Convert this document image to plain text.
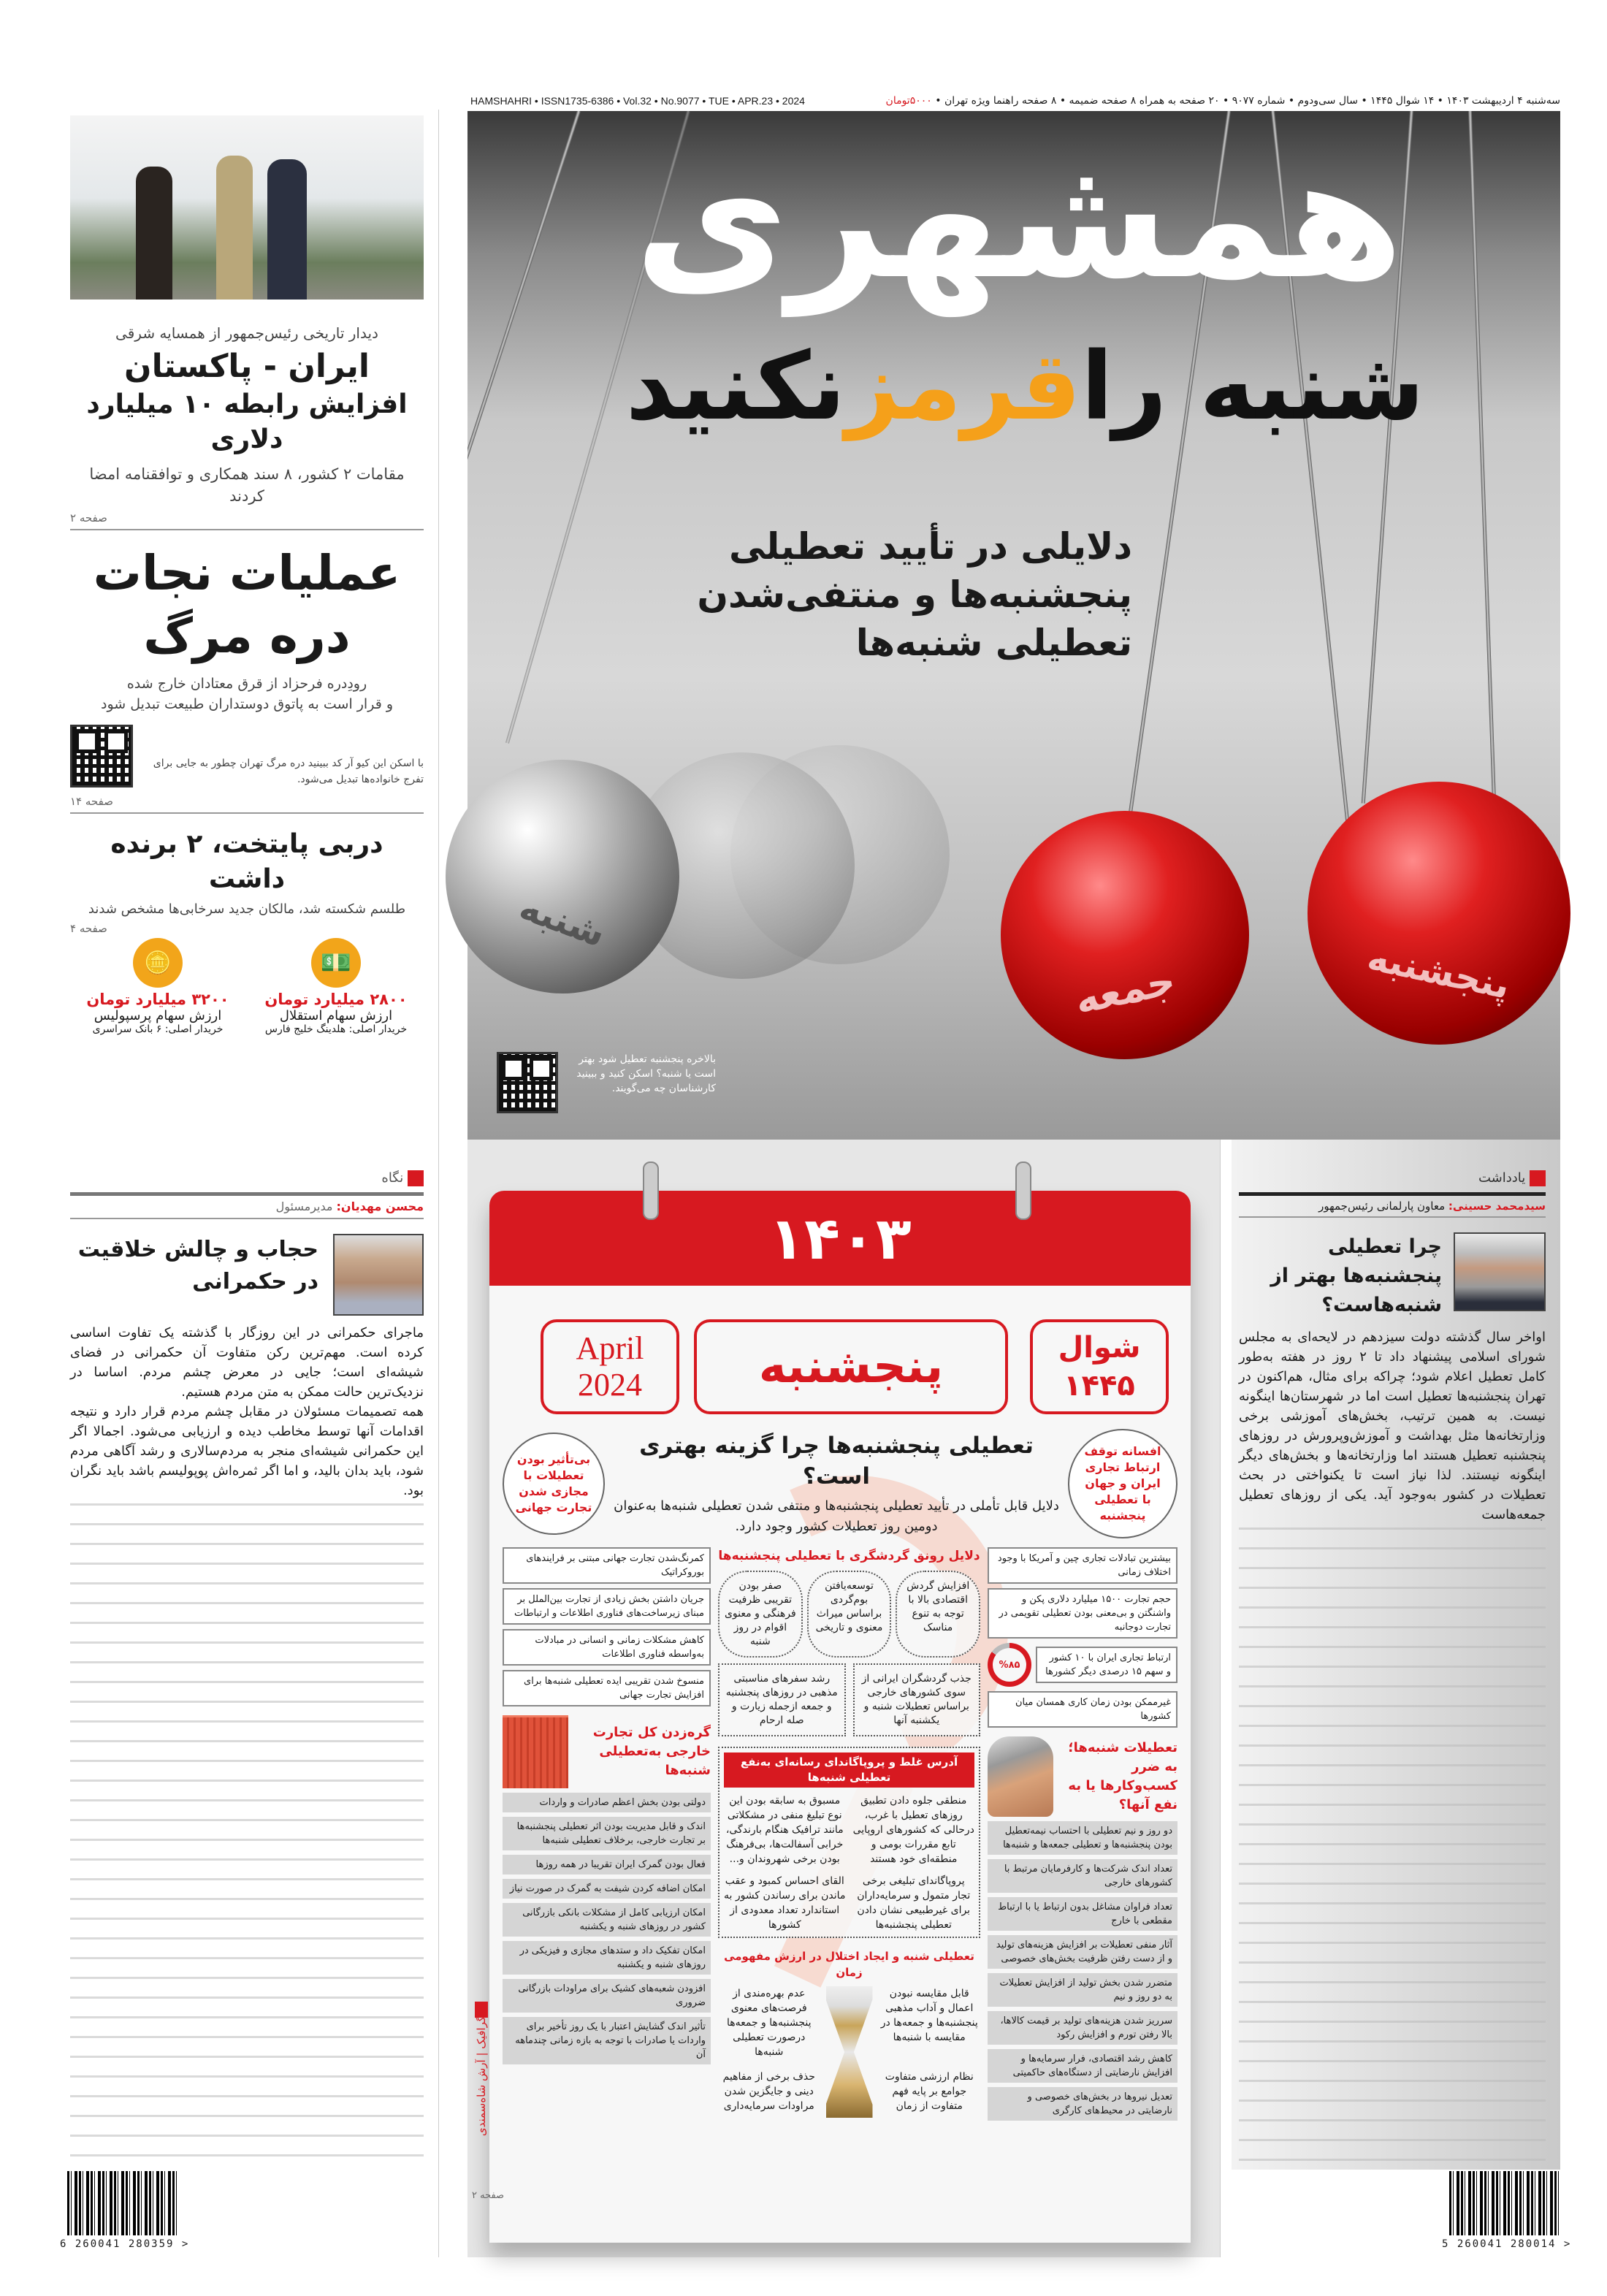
HAMSHAHRI • ISSN1735-6386 • Vol.32 • No.9077 • TUE • APR.23 • 2024	سه‌شنبه ۴ اردیبهشت ۱۴۰۳ • ۱۴ شوال ۱۴۴۵ • سال سی‌ودوم • شماره ۹۰۷۷ • ۲۰ صفحه به همراه ۸ صفحه ضمیمه • ۸ صفحه راهنما ویژه تهران • ۵۰۰۰تومان
دیدار تاریخی رئیس‌جمهور از همسایه شرقی
ایران - پاکستان
افزایش رابطه ۱۰ میلیارد دلاری
مقامات ۲ کشور، ۸ سند همکاری و توافقنامه امضا کردند
صفحه ۲
عملیات نجات
دره مرگ
رودِدره فرحزاد از قرق معتادان خارج شده
و قرار است به پاتوق دوستداران طبیعت تبدیل شود
با اسکن این کیو آر کد ببینید دره مرگ تهران چطور به جایی برای تفرج خانواده‌ها تبدیل می‌شود.
صفحه ۱۴
دربی پایتخت، ۲ برنده داشت
طلسم شکسته شد، مالکان جدید سرخابی‌ها مشخص شدند
صفحه ۴
💵
۲۸۰۰ میلیارد تومان
ارزش سهام استقلال
خریدار اصلی: هلدینگ خلیج فارس
🪙
۳۲۰۰ میلیارد تومان
ارزش سهام پرسپولیس
خریدار اصلی: ۶ بانک سراسری
نگاه
محسن مهدیان: مدیرمسئول
حجاب و چالش خلاقیت در حکمرانی
ماجرای حکمرانی در این روزگار با گذشته یک تفاوت اساسی کرده است. مهم‌ترین رکن متفاوت آن حکمرانی در فضای شیشه‌ای است؛ جایی در معرض چشم مردم. اساسا در نزدیک‌ترین حالت ممکن به متن مردم هستیم.
همه تصمیمات مسئولان در مقابل چشم مردم قرار دارد و نتیجه اقدامات آنها توسط مخاطب دیده و ارزیابی می‌شود. اجمالا اگر این حکمرانی شیشه‌ای منجر به مردم‌سالاری و رشد آگاهی مردم شود، باید بدان بالید، و اما اگر ثمره‌اش پوپولیسم باشد باید نگران بود.
همشهری
شنبه راقرمزنکنید
دلایلی در تأیید تعطیلی
پنجشنبه‌ها و منتفی‌شدن
تعطیلی شنبه‌ها
شنبه
جمعه	پنجشنبه
بالاخره پنجشنبه تعطیل شود بهتر است یا شنبه؟ اسکن کنید و ببینید کارشناسان چه می‌گویند.
۱۴۰۳
April
2024 پنجشنبه	شوال
۱۴۴۵
افسانه توقف ارتباط تجاری ایران و جهان با تعطیلی پنجشنبه
تعطیلی پنجشنبه‌ها چرا گزینه بهتری است؟
دلایل قابل تأملی در تأیید تعطیلی پنجشنبه‌ها و منتفی شدن تعطیلی شنبه‌ها به‌عنوان دومین روز تعطیلات کشور وجود دارد.
بی‌تأثیر بودن تعطیلات با مجازی شدن تجارت جهانی
بیشترین تبادلات تجاری چین و آمریکا با وجود اختلاف زمانی
حجم تجارت ۱۵۰۰ میلیارد دلاری پکن و واشنگتن و بی‌معنی بودن تعطیلی تقویمی در تجارت دوجانبه
ارتباط تجاری ایران با ۱۰ کشور و سهم ۱۵ درصدی دیگر کشورها
%۸۵
غیرممکن بودن زمان کاری همسان میان کشورها
تعطیلات شنبه‌ها؛ به ضرر کسب‌وکارها یا به نفع آنها؟
دو روز و نیم تعطیلی با احتساب نیمه‌تعطیل بودن پنجشنبه‌ها و تعطیلی جمعه‌ها و شنبه‌ها
تعداد اندک شرکت‌ها و کارفرمایان مرتبط با کشورهای خارجی
تعداد فراوان مشاغل بدون ارتباط یا با ارتباط مقطعی با خارج
آثار منفی تعطیلات بر افزایش هزینه‌های تولید و از دست رفتن ظرفیت بخش‌های خصوصی
متضرر شدن بخش تولید از افزایش تعطیلات به دو روز و نیم
سرریز شدن هزینه‌های تولید بر قیمت کالاها، بالا رفتن تورم و افزایش رکود
کاهش رشد اقتصادی، فرار سرمایه‌ها و افزایش نارضایتی از دستگاه‌های حاکمیتی
تعدیل نیروها در بخش‌های خصوصی و نارضایتی در محیط‌های کارگری
دلایل رونق گردشگری با تعطیلی پنجشنبه‌ها
صفر بودن تقریبی ظرفیت فرهنگی و معنوی اقوام در روز شنبه
توسعه‌یافتن بوم‌گردی براساس میراث معنوی و تاریخی
افزایش گردش اقتصادی بالا با توجه به تنوع مناسک
رشد سفرهای مناسبتی مذهبی در روزهای پنجشنبه و جمعه ازجمله زیارت و صله ارحام
جذب گردشگران ایرانی از سوی کشورهای خارجی براساس تعطیلات شنبه و یکشنبه آنها
آدرس غلط و پروپاگاندای رسانه‌ای به‌نفع تعطیلی شنبه‌ها
منطقی جلوه دادن تطبیق روزهای تعطیل با غرب، درحالی که کشورهای اروپایی تابع مقررات بومی و منطقه‌ای خود هستند
مسبوق به سابقه بودن این نوع تبلیغ منفی در مشکلاتی مانند ترافیک هنگام بارندگی، خرابی آسفالت‌ها، بی‌فرهنگ بودن برخی شهروندان و...
پروپاگاندای تبلیغی برخی تجار متمول و سرمایه‌داران برای غیرطبیعی نشان دادن تعطیلی پنجشنبه‌ها
القای احساس کمبود و عقب ماندن برای رساندن کشور به استاندارد تعداد معدودی از کشورها
تعطیلی شنبه و ایجاد اختلال در ارزش مفهومی زمان
عدم بهره‌مندی از فرصت‌های معنوی پنجشنبه‌ها و جمعه‌ها درصورت تعطیلی شنبه‌ها
قابل مقایسه نبودن اعمال و آداب مذهبی پنجشنبه‌ها و جمعه‌ها در مقایسه با شنبه‌ها
حذف برخی از مفاهیم دینی و جایگزین شدن مراودات سرمایه‌داری
نظام ارزشی متفاوت جوامع بر پایه فهم متفاوت از زمان
کمرنگ‌شدن تجارت جهانی مبتنی بر فرایندهای بوروکراتیک
جریان داشتن بخش زیادی از تجارت بین‌الملل بر مبنای زیرساخت‌های فناوری اطلاعات و ارتباطات
کاهش مشکلات زمانی و انسانی در مبادلات به‌واسطه فناوری اطلاعات
منسوخ شدن تقریبی ایده تعطیلی شنبه‌ها برای افزایش تجارت جهانی
گره‌زدن کل تجارت خارجی به‌تعطیلی شنبه‌ها
دولتی بودن بخش اعظم صادرات و واردات
اندک و قابل مدیریت بودن اثر تعطیلی پنجشنبه‌ها بر تجارت خارجی، برخلاف تعطیلی شنبه‌ها
فعال بودن گمرک ایران تقریبا در همه روزها
امکان اضافه کردن شیفت به گمرک در صورت نیاز
امکان ارزیابی کامل از مشکلات بانکی بازرگانی کشور در روزهای شنبه و یکشنبه
امکان تفکیک داد و ستدهای مجازی و فیزیکی در روزهای شنبه و یکشنبه
افزودن شعبه‌های کشیک برای مراودات بازرگانی ضروری
تأثیر اندک گشایش اعتبار با یک روز تأخیر برای واردات یا صادرات با توجه به بازه زمانی چندماهه آن
گرافیک | آرش شاه‌سمندی
صفحه ۲
یادداشت
سیدمحمد حسینی: معاون پارلمانی رئیس‌جمهور
چرا تعطیلی پنجشنبه‌ها بهتر از شنبه‌هاست؟
اواخر سال گذشته دولت سیزدهم در لایحه‌ای به مجلس شورای اسلامی پیشنهاد داد تا ۲ روز در هفته به‌طور کامل تعطیل اعلام شود؛ چراکه برای مثال، هم‌اکنون در تهران پنجشنبه‌ها تعطیل است اما در شهرستان‌ها اینگونه نیست. به همین ترتیب، بخش‌های آموزشی برخی وزارتخانه‌ها مثل بهداشت و آموزش‌وپرورش در روزهای پنجشنبه تعطیل هستند اما وزارتخانه‌ها و بخش‌های دیگر اینگونه نیستند. لذا نیاز است تا یکنواختی در بحث تعطیلات در کشور به‌وجود آید. یکی از روزهای تعطیل جمعه‌هاست
6 260041 280359 >	5 260041 280014 >
